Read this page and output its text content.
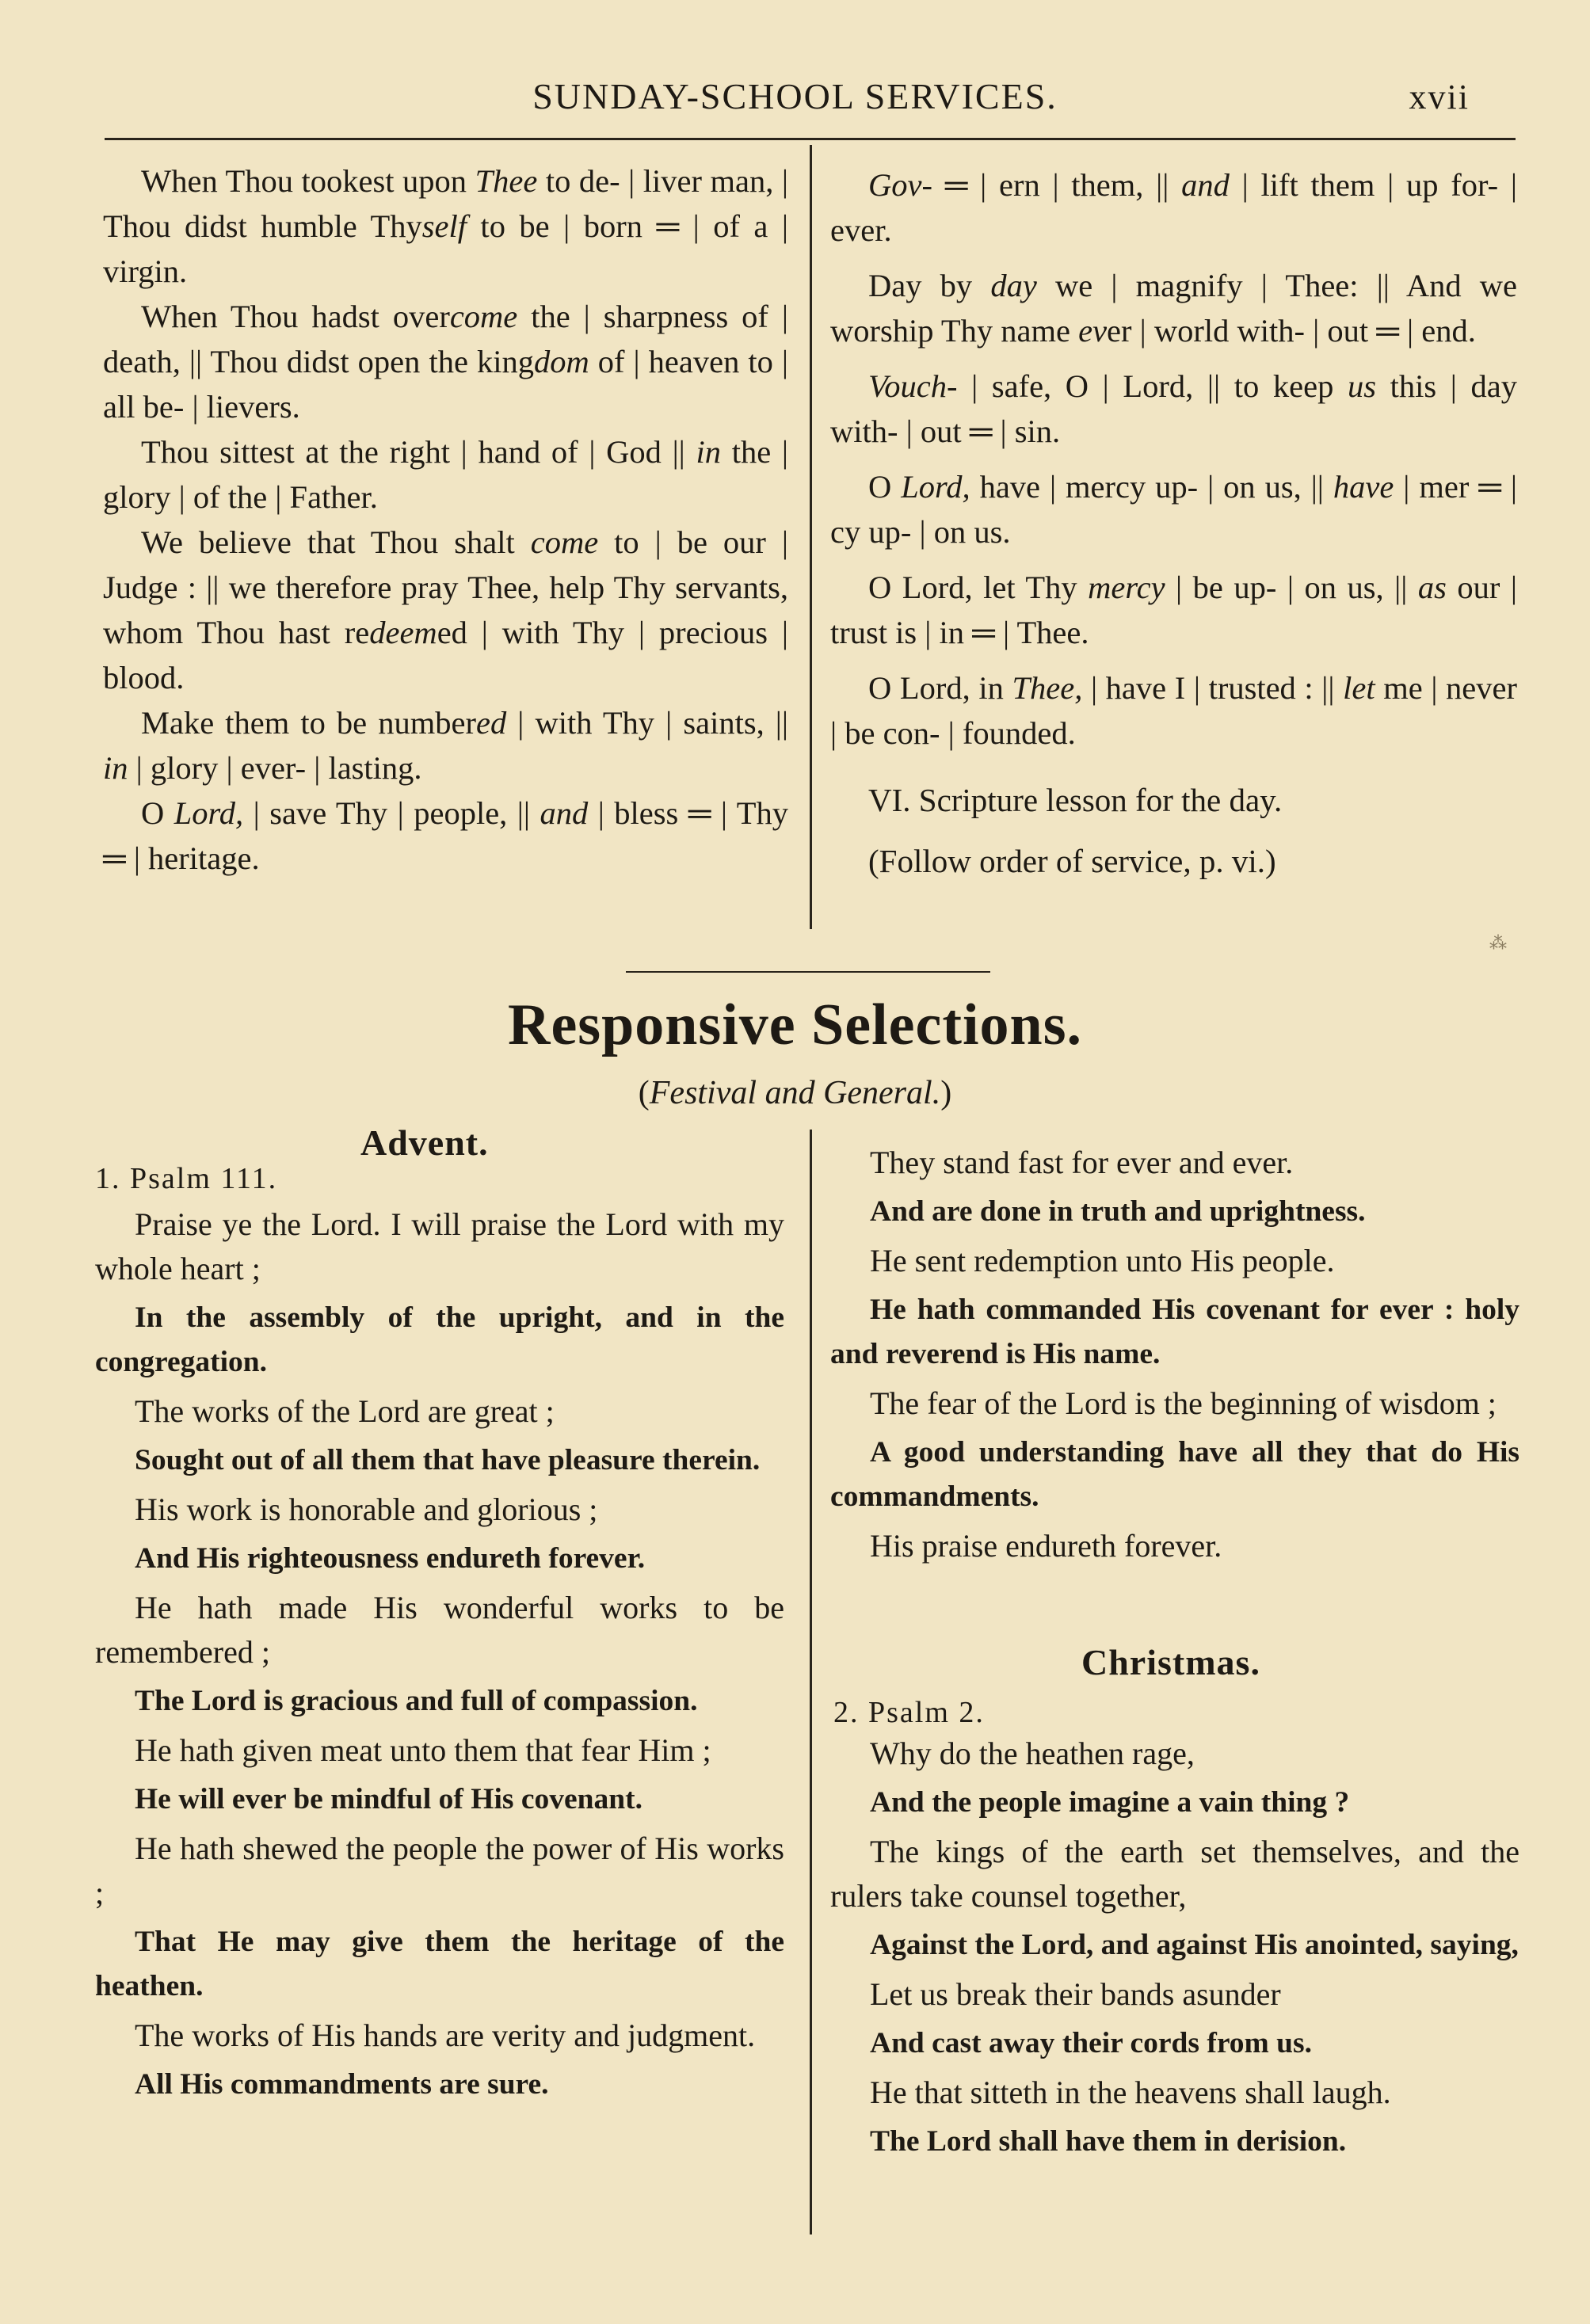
SUNDAY-SCHOOL SERVICES.	xvii

When Thou tookest upon Thee to de- | liver man, | Thou didst humble Thyself to be | born ═ | of a | virgin.

When Thou hadst overcome the | sharpness of | death, || Thou didst open the kingdom of | heaven to | all be- | lievers.

Thou sittest at the right | hand of | God || in the | glory | of the | Father.

We believe that Thou shalt come to | be our | Judge : || we therefore pray Thee, help Thy servants, whom Thou hast redeemed | with Thy | precious | blood.

Make them to be numbered | with Thy | saints, || in | glory | ever- | lasting.

O Lord, | save Thy | people, || and | bless ═ | Thy ═ | heritage.

Gov- ═ | ern | them, || and | lift them | up for- | ever.

Day by day we | magnify | Thee: || And we worship Thy name ever | world with- | out ═ | end.

Vouch- | safe, O | Lord, || to keep us this | day with- | out ═ | sin.

O Lord, have | mercy up- | on us, || have | mer ═ | cy up- | on us.

O Lord, let Thy mercy | be up- | on us, || as our | trust is | in ═ | Thee.

O Lord, in Thee, | have I | trusted : || let me | never | be con- | founded.

VI. Scripture lesson for the day.

(Follow order of service, p. vi.)

⁂
Responsive Selections.
(Festival and General.)
Advent.
1. Psalm 111.

Praise ye the Lord. I will praise the Lord with my whole heart ;

In the assembly of the upright, and in the congregation.

The works of the Lord are great ;

Sought out of all them that have pleasure therein.

His work is honorable and glorious ;

And His righteousness endureth forever.

He hath made His wonderful works to be remembered ;

The Lord is gracious and full of compassion.

He hath given meat unto them that fear Him ;

He will ever be mindful of His covenant.

He hath shewed the people the power of His works ;

That He may give them the heritage of the heathen.

The works of His hands are verity and judgment.

All His commandments are sure.

They stand fast for ever and ever.

And are done in truth and uprightness.

He sent redemption unto His people.

He hath commanded His covenant for ever : holy and reverend is His name.

The fear of the Lord is the beginning of wisdom ;

A good understanding have all they that do His commandments.

His praise endureth forever.

Christmas.
2. Psalm 2.

Why do the heathen rage,

And the people imagine a vain thing ?

The kings of the earth set themselves, and the rulers take counsel together,

Against the Lord, and against His anointed, saying,

Let us break their bands asunder

And cast away their cords from us.

He that sitteth in the heavens shall laugh.

The Lord shall have them in derision.
